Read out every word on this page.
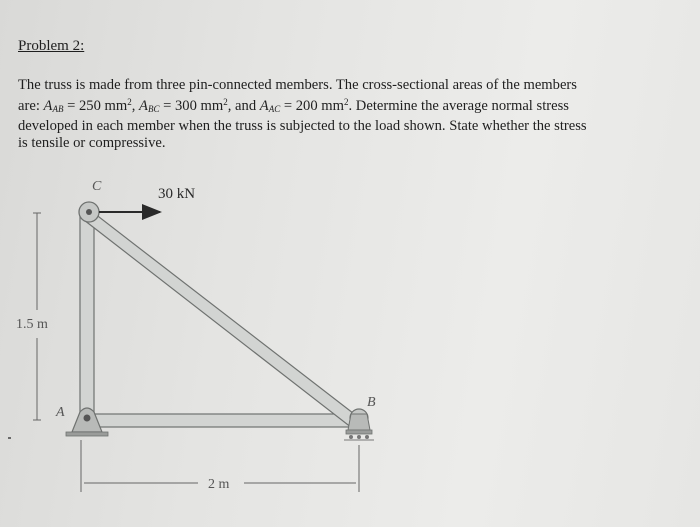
Problem 2:

The truss is made from three pin-connected members. The cross-sectional areas of the members
are: $A_{AB} = 250$ $mm^2$, $A_{BC} = 300$ $mm^2$, and $A_{AC} = 200$ $mm^2$. Determine the average normal stress
developed in each member when the truss is subjected to the load shown. State whether the stress
is tensile or compressive.

30 kN
C
A
B
1.5 m
2 m
